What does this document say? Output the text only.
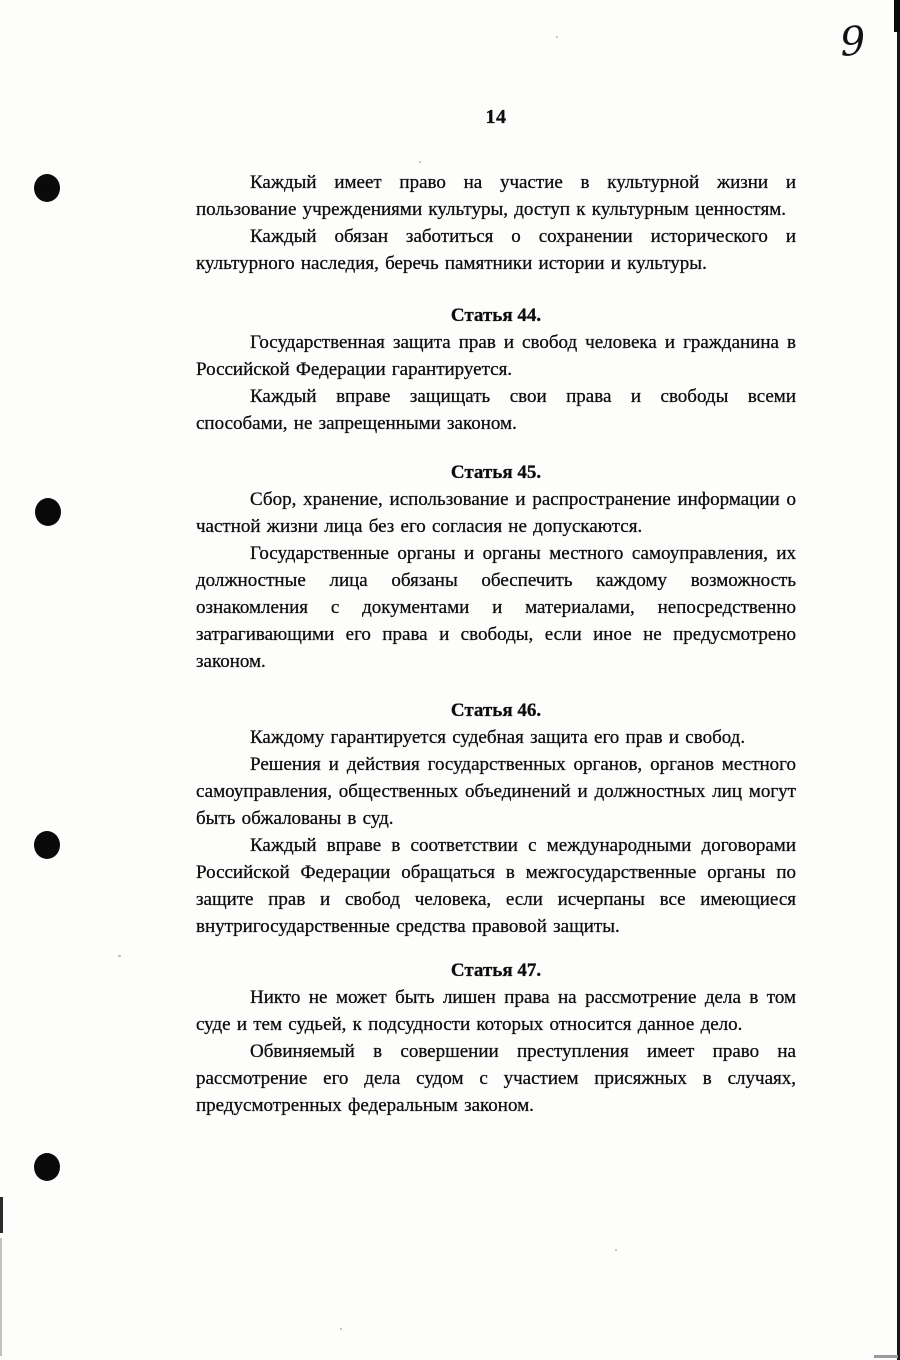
9
14

Каждый имеет право на участие в культурной жизни и пользование учреждениями культуры, доступ к культурным ценностям.

Каждый обязан заботиться о сохранении исторического и культурного наследия, беречь памятники истории и культуры.

Статья 44.

Государственная защита прав и свобод человека и гражданина в Российской Федерации гарантируется.

Каждый вправе защищать свои права и свободы всеми способами, не запрещенными законом.

Статья 45.

Сбор, хранение, использование и распространение информации о частной жизни лица без его согласия не допускаются.

Государственные органы и органы местного самоуправления, их должностные лица обязаны обеспечить каждому возможность ознакомления с документами и материалами, непосредственно затрагивающими его права и свободы, если иное не предусмотрено законом.

Статья 46.

Каждому гарантируется судебная защита его прав и свобод.

Решения и действия государственных органов, органов местного самоуправления, общественных объединений и должностных лиц могут быть обжалованы в суд.

Каждый вправе в соответствии с международными договорами Российской Федерации обращаться в межгосударственные органы по защите прав и свобод человека, если исчерпаны все имеющиеся внутригосударственные средства правовой защиты.

Статья 47.

Никто не может быть лишен права на рассмотрение дела в том суде и тем судьей, к подсудности которых относится данное дело.

Обвиняемый в совершении преступления имеет право на рассмотрение его дела судом с участием присяжных в случаях, предусмотренных федеральным законом.
